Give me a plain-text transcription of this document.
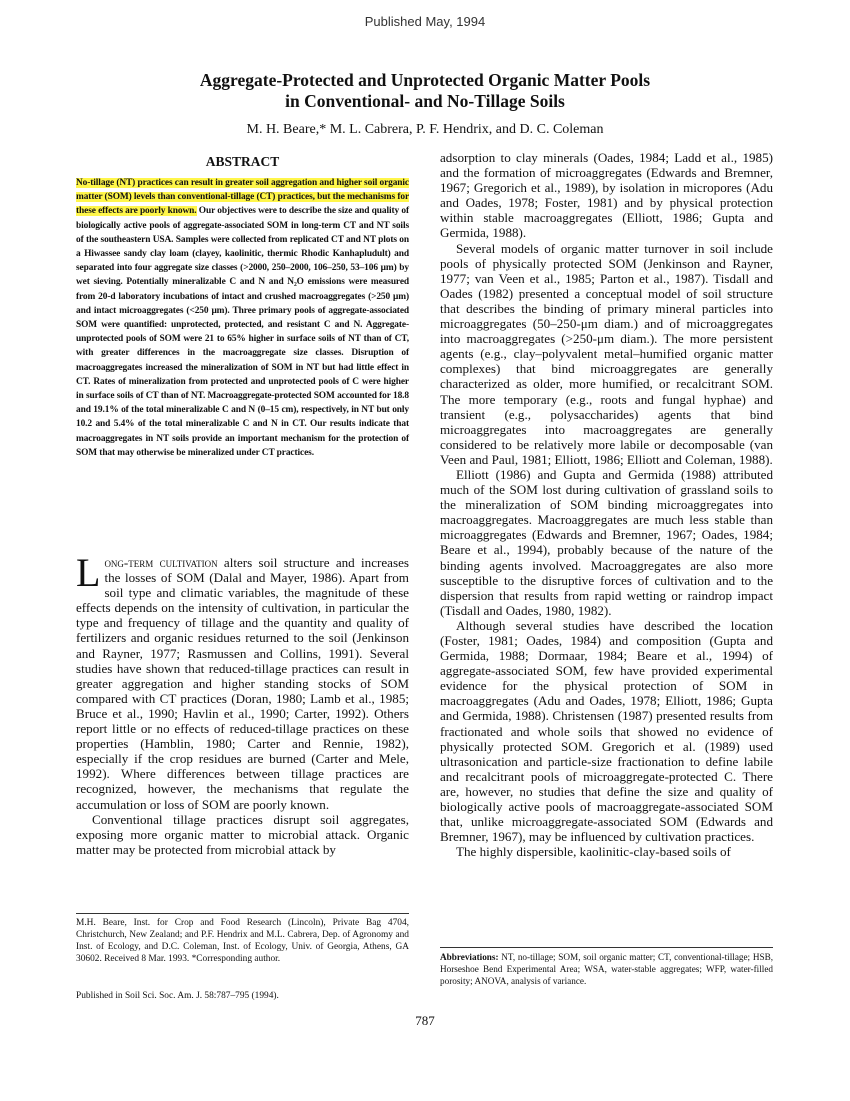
Published May, 1994
Aggregate-Protected and Unprotected Organic Matter Pools
in Conventional- and No-Tillage Soils
M. H. Beare,* M. L. Cabrera, P. F. Hendrix, and D. C. Coleman
ABSTRACT
No-tillage (NT) practices can result in greater soil aggregation and higher soil organic matter (SOM) levels than conventional-tillage (CT) practices, but the mechanisms for these effects are poorly known. Our objectives were to describe the size and quality of biologically active pools of aggregate-associated SOM in long-term CT and NT soils of the southeastern USA. Samples were collected from replicated CT and NT plots on a Hiwassee sandy clay loam (clayey, kaolinitic, thermic Rhodic Kanhapludult) and separated into four aggregate size classes (>2000, 250–2000, 106–250, 53–106 μm) by wet sieving. Potentially mineralizable C and N and N₂O emissions were measured from 20-d laboratory incubations of intact and crushed macroaggregates (>250 μm) and intact microaggregates (<250 μm). Three primary pools of aggregate-associated SOM were quantified: unprotected, protected, and resistant C and N. Aggregate-unprotected pools of SOM were 21 to 65% higher in surface soils of NT than of CT, with greater differences in the macroaggregate size classes. Disruption of macroaggregates increased the mineralization of SOM in NT but had little effect in CT. Rates of mineralization from protected and unprotected pools of C were higher in surface soils of CT than of NT. Macroaggregate-protected SOM accounted for 18.8 and 19.1% of the total mineralizable C and N (0–15 cm), respectively, in NT but only 10.2 and 5.4% of the total mineralizable C and N in CT. Our results indicate that macroaggregates in NT soils provide an important mechanism for the protection of SOM that may otherwise be mineralized under CT practices.

Long-term cultivation alters soil structure and increases the losses of SOM (Dalal and Mayer, 1986). Apart from soil type and climatic variables, the magnitude of these effects depends on the intensity of cultivation, in particular the type and frequency of tillage and the quantity and quality of fertilizers and organic residues returned to the soil (Jenkinson and Rayner, 1977; Rasmussen and Collins, 1991). Several studies have shown that reduced-tillage practices can result in greater aggregation and higher standing stocks of SOM compared with CT practices (Doran, 1980; Lamb et al., 1985; Bruce et al., 1990; Havlin et al., 1990; Carter, 1992). Others report little or no effects of reduced-tillage practices on these properties (Hamblin, 1980; Carter and Rennie, 1982), especially if the crop residues are burned (Carter and Mele, 1992). Where differences between tillage practices are recognized, however, the mechanisms that regulate the accumulation or loss of SOM are poorly known.

Conventional tillage practices disrupt soil aggregates, exposing more organic matter to microbial attack. Organic matter may be protected from microbial attack by

M.H. Beare, Inst. for Crop and Food Research (Lincoln), Private Bag 4704, Christchurch, New Zealand; and P.F. Hendrix and M.L. Cabrera, Dep. of Agronomy and Inst. of Ecology, and D.C. Coleman, Inst. of Ecology, Univ. of Georgia, Athens, GA 30602. Received 8 Mar. 1993. *Corresponding author.
Published in Soil Sci. Soc. Am. J. 58:787–795 (1994).

adsorption to clay minerals (Oades, 1984; Ladd et al., 1985) and the formation of microaggregates (Edwards and Bremner, 1967; Gregorich et al., 1989), by isolation in micropores (Adu and Oades, 1978; Foster, 1981) and by physical protection within stable macroaggregates (Elliott, 1986; Gupta and Germida, 1988).

Several models of organic matter turnover in soil include pools of physically protected SOM (Jenkinson and Rayner, 1977; van Veen et al., 1985; Parton et al., 1987). Tisdall and Oades (1982) presented a conceptual model of soil structure that describes the binding of primary mineral particles into microaggregates (50–250-μm diam.) and of microaggregates into macroaggregates (>250-μm diam.). The more persistent agents (e.g., clay–polyvalent metal–humified organic matter complexes) that bind microaggregates are generally characterized as older, more humified, or recalcitrant SOM. The more temporary (e.g., roots and fungal hyphae) and transient (e.g., polysaccharides) agents that bind microaggregates into macroaggregates are generally considered to be relatively more labile or decomposable (van Veen and Paul, 1981; Elliott, 1986; Elliott and Coleman, 1988).

Elliott (1986) and Gupta and Germida (1988) attributed much of the SOM lost during cultivation of grassland soils to the mineralization of SOM binding microaggregates into macroaggregates. Macroaggregates are much less stable than microaggregates (Edwards and Bremner, 1967; Oades, 1984; Beare et al., 1994), probably because of the nature of the binding agents involved. Macroaggregates are also more susceptible to the disruptive forces of cultivation and to the dispersion that results from rapid wetting or raindrop impact (Tisdall and Oades, 1980, 1982).

Although several studies have described the location (Foster, 1981; Oades, 1984) and composition (Gupta and Germida, 1988; Dormaar, 1984; Beare et al., 1994) of aggregate-associated SOM, few have provided experimental evidence for the physical protection of SOM in macroaggregates (Adu and Oades, 1978; Elliott, 1986; Gupta and Germida, 1988). Christensen (1987) presented results from fractionated and whole soils that showed no evidence of physically protected SOM. Gregorich et al. (1989) used ultrasonication and particle-size fractionation to define labile and recalcitrant pools of microaggregate-protected C. There are, however, no studies that define the size and quality of biologically active pools of macroaggregate-associated SOM that, unlike microaggregate-associated SOM (Edwards and Bremner, 1967), may be influenced by cultivation practices.

The highly dispersible, kaolinitic-clay-based soils of

Abbreviations: NT, no-tillage; SOM, soil organic matter; CT, conventional-tillage; HSB, Horseshoe Bend Experimental Area; WSA, water-stable aggregates; WFP, water-filled porosity; ANOVA, analysis of variance.
787
